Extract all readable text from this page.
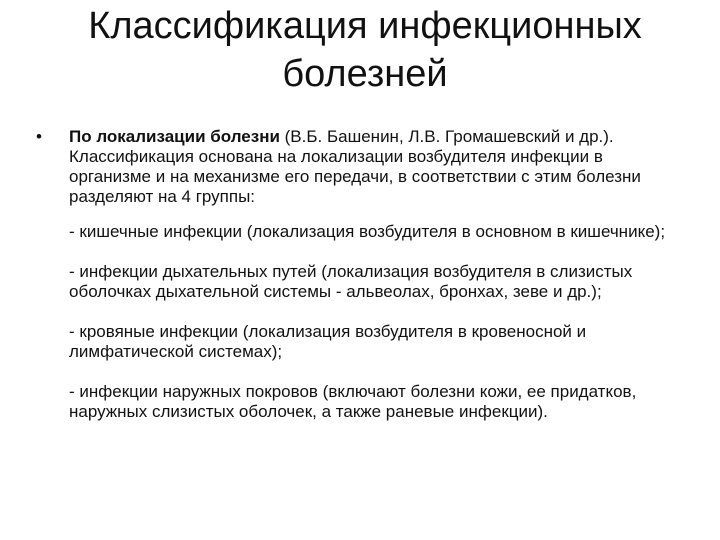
Классификация инфекционных
болезней
•	По локализации болезни (В.Б. Башенин, Л.В. Громашевский и др.). Классификация основана на локализации возбудителя инфекции в организме и на механизме его передачи, в соответствии с этим болезни разделяют на 4 группы:
- кишечные инфекции (локализация возбудителя в основном в кишечнике);
- инфекции дыхательных путей (локализация возбудителя в слизистых оболочках дыхательной системы - альвеолах, бронхах, зеве и др.);
- кровяные инфекции (локализация возбудителя в кровеносной и лимфатической системах);
- инфекции наружных покровов (включают болезни кожи, ее придатков, наружных слизистых оболочек, а также раневые инфекции).
